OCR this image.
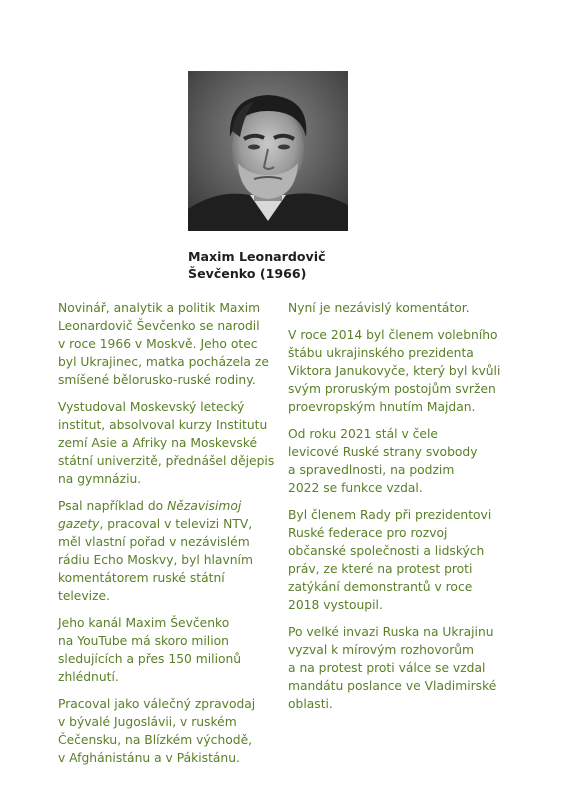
Maxim Leonardovič
Ševčenko (1966)
Novinář, analytik a politik Maxim
Leonardovič Ševčenko se narodil
v roce 1966 v Moskvě. Jeho otec
byl Ukrajinec, matka pocházela ze
smíšené bělorusko-ruské rodiny.
Vystudoval Moskevský letecký
institut, absolvoval kurzy Institutu
zemí Asie a Afriky na Moskevské
státní univerzitě, přednášel dějepis
na gymnáziu.
Psal například do Nězavisimoj
gazety, pracoval v televizi NTV,
měl vlastní pořad v nezávislém
rádiu Echo Moskvy, byl hlavním
komentátorem ruské státní
televize.
Jeho kanál Maxim Ševčenko
na YouTube má skoro milion
sledujících a přes 150 milionů
zhlédnutí.
Pracoval jako válečný zpravodaj
v bývalé Jugoslávii, v ruském
Čečensku, na Blízkém východě,
v Afghánistánu a v Pákistánu.
Nyní je nezávislý komentátor.
V roce 2014 byl členem volebního
štábu ukrajinského prezidenta
Viktora Janukovyče, který byl kvůli
svým proruským postojům svržen
proevropským hnutím Majdan.
Od roku 2021 stál v čele
levicové Ruské strany svobody
a spravedlnosti, na podzim
2022 se funkce vzdal.
Byl členem Rady při prezidentovi
Ruské federace pro rozvoj
občanské společnosti a lidských
práv, ze které na protest proti
zatýkání demonstrantů v roce
2018 vystoupil.
Po velké invazi Ruska na Ukrajinu
vyzval k mírovým rozhovorům
a na protest proti válce se vzdal
mandátu poslance ve Vladimirské
oblasti.
